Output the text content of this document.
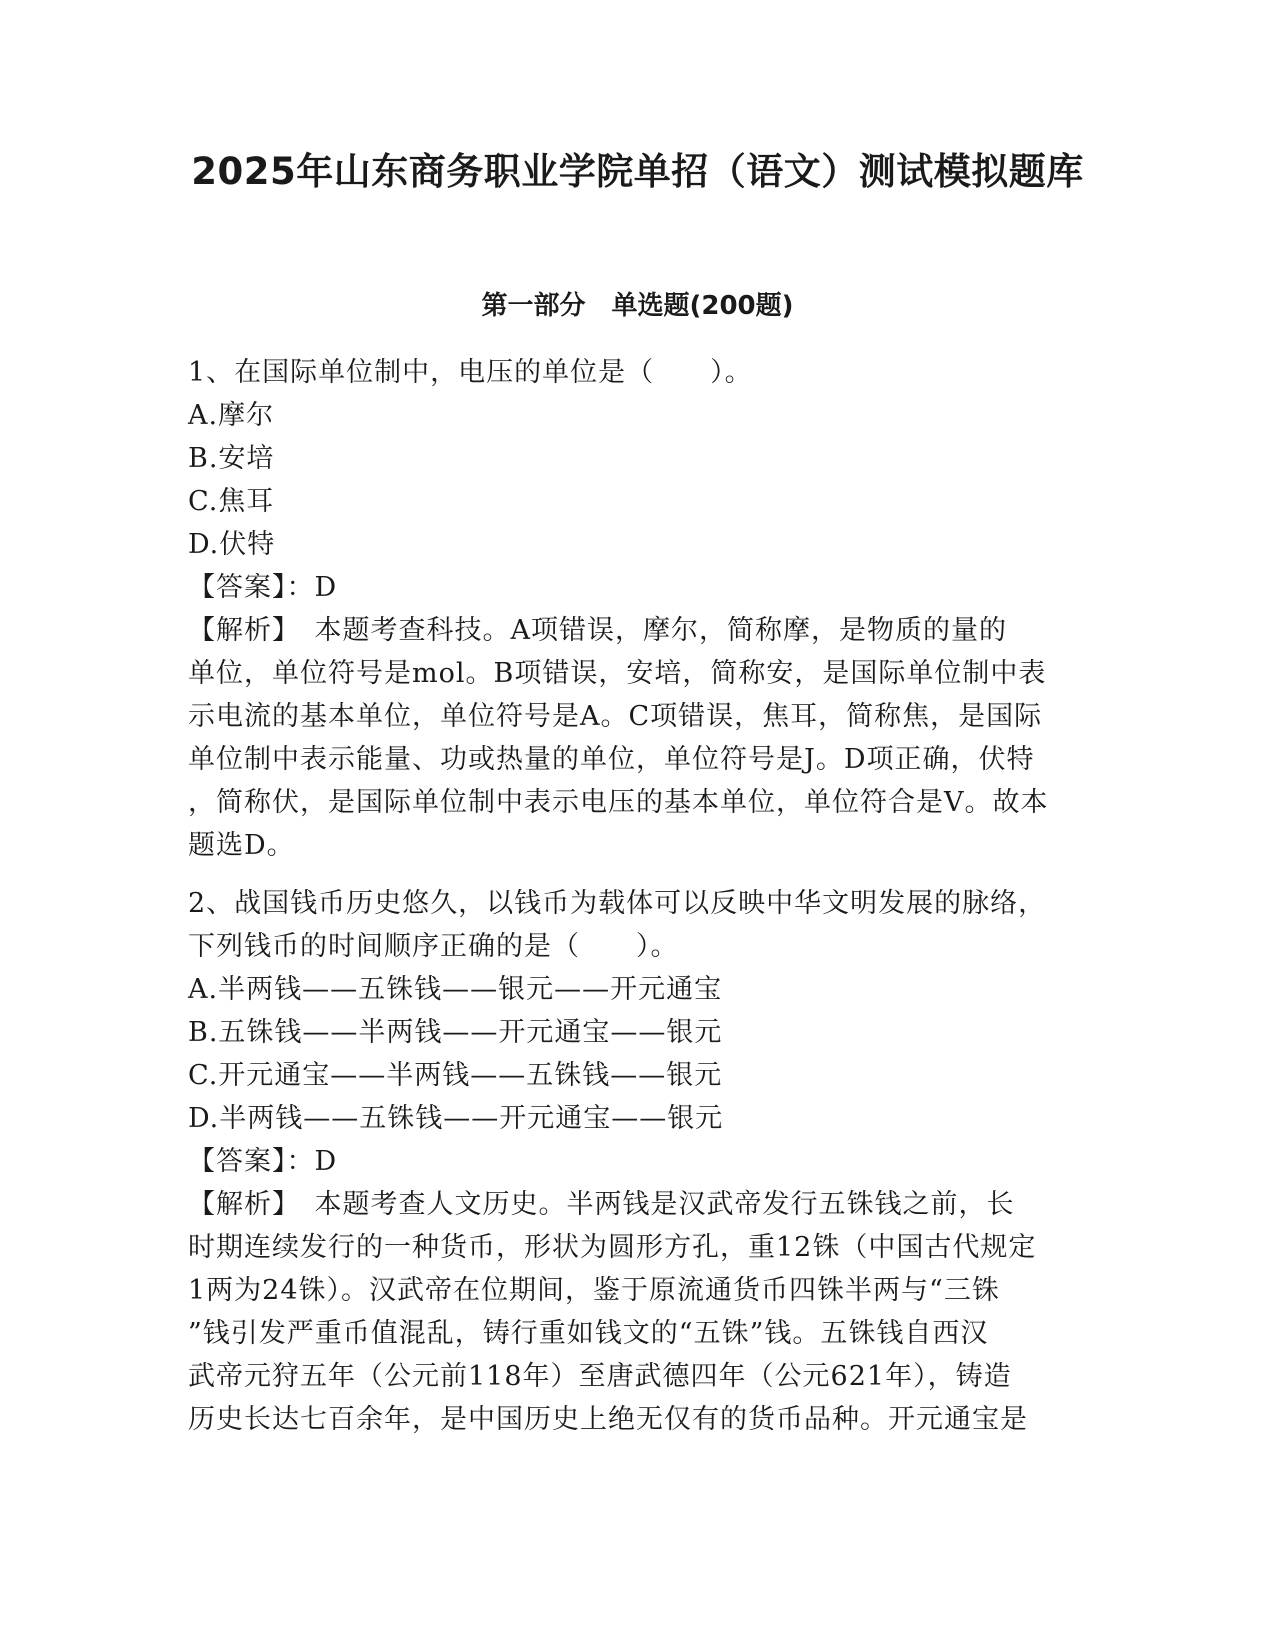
2025年山东商务职业学院单招（语文）测试模拟题库
第一部分　单选题(200题)
1、在国际单位制中，电压的单位是（　　）。
A.摩尔
B.安培
C.焦耳
D.伏特
【答案】：D
【解析】　本题考查科技。A项错误，摩尔，简称摩，是物质的量的
单位，单位符号是mol。B项错误，安培，简称安，是国际单位制中表
示电流的基本单位，单位符号是A。C项错误，焦耳，简称焦，是国际
单位制中表示能量、功或热量的单位，单位符号是J。D项正确，伏特
，简称伏，是国际单位制中表示电压的基本单位，单位符合是V。故本
题选D。
2、战国钱币历史悠久，以钱币为载体可以反映中华文明发展的脉络，
下列钱币的时间顺序正确的是（　　）。
A.半两钱——五铢钱——银元——开元通宝
B.五铢钱——半两钱——开元通宝——银元
C.开元通宝——半两钱——五铢钱——银元
D.半两钱——五铢钱——开元通宝——银元
【答案】：D
【解析】　本题考查人文历史。半两钱是汉武帝发行五铢钱之前，长
时期连续发行的一种货币，形状为圆形方孔，重12铢（中国古代规定
1两为24铢）。汉武帝在位期间，鉴于原流通货币四铢半两与“三铢
”钱引发严重币值混乱，铸行重如钱文的“五铢”钱。五铢钱自西汉
武帝元狩五年（公元前118年）至唐武德四年（公元621年），铸造
历史长达七百余年，是中国历史上绝无仅有的货币品种。开元通宝是
